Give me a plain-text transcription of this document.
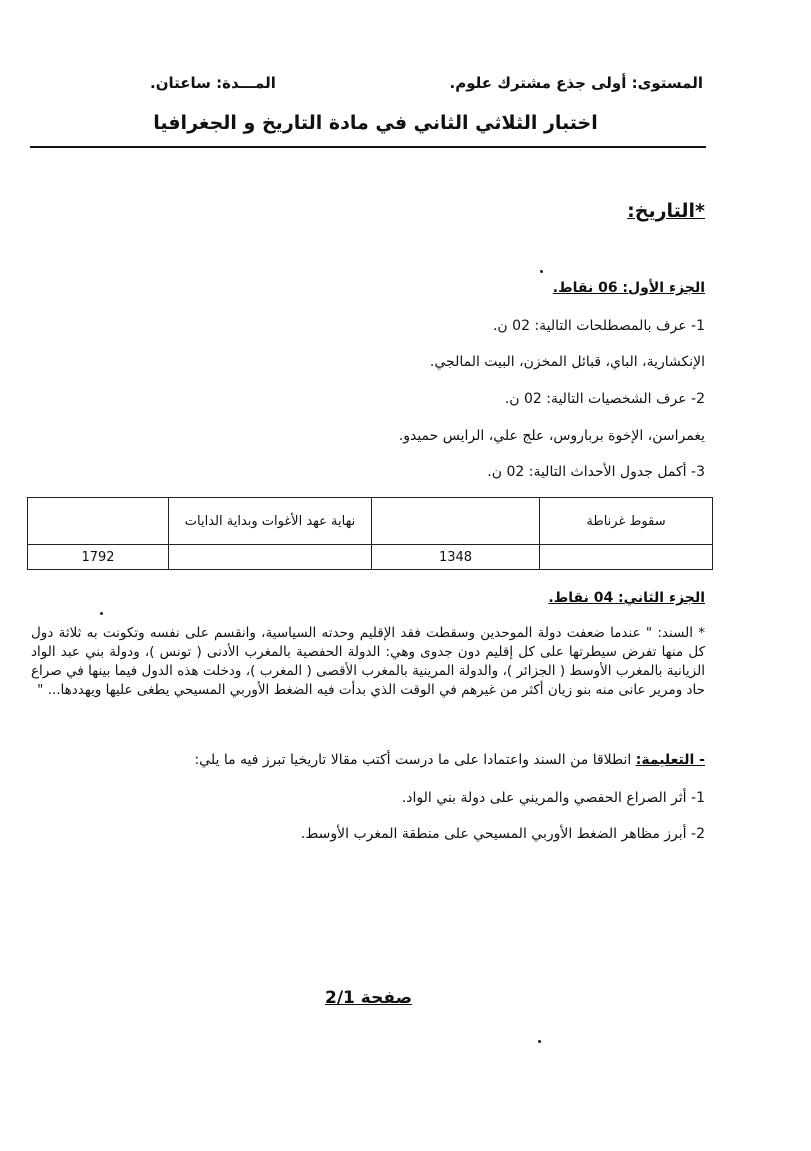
المستوى: أولى جذع مشترك علوم.
المـــدة: ساعتان.
اختبار الثلاثي الثاني في مادة التاريخ و الجغرافيا
*التاريخ:
الجزء الأول: 06 نقاط.
1- عرف بالمصطلحات التالية: 02 ن.
الإنكشارية، الباي، قبائل المخزن، البيت المالجي.
2- عرف الشخصيات التالية: 02 ن.
يغمراسن، الإخوة برباروس، علج علي، الرايس حميدو.
3- أكمل جدول الأحداث التالية: 02 ن.
سقوط غرناطة		نهاية عهد الأغوات وبداية الدايات	
	1348		1792
الجزء الثاني: 04 نقاط.
* السند: " عندما ضعفت دولة الموحدين وسقطت فقد الإقليم وحدته السياسية، وانقسم على نفسه وتكونت به ثلاثة دول كل منها تفرض سيطرتها على كل إقليم دون جدوى وهي: الدولة الحفصية بالمغرب الأدنى ( تونس )، ودولة بني عبد الواد الزيانية بالمغرب الأوسط ( الجزائر )، والدولة المرينية بالمغرب الأقصى ( المغرب )، ودخلت هذه الدول فيما بينها في صراع حاد ومرير عانى منه بنو زيان أكثر من غيرهم في الوقت الذي بدأت فيه الضغط الأوربي المسيحي يطغى عليها ويهددها... "
- التعليمة: انطلاقا من السند واعتمادا على ما درست أكتب مقالا تاريخيا تبرز فيه ما يلي:
1- أثر الصراع الحفصي والمريني على دولة بني الواد.
2- أبرز مظاهر الضغط الأوربي المسيحي على منطقة المغرب الأوسط.
صفحة 2/1
